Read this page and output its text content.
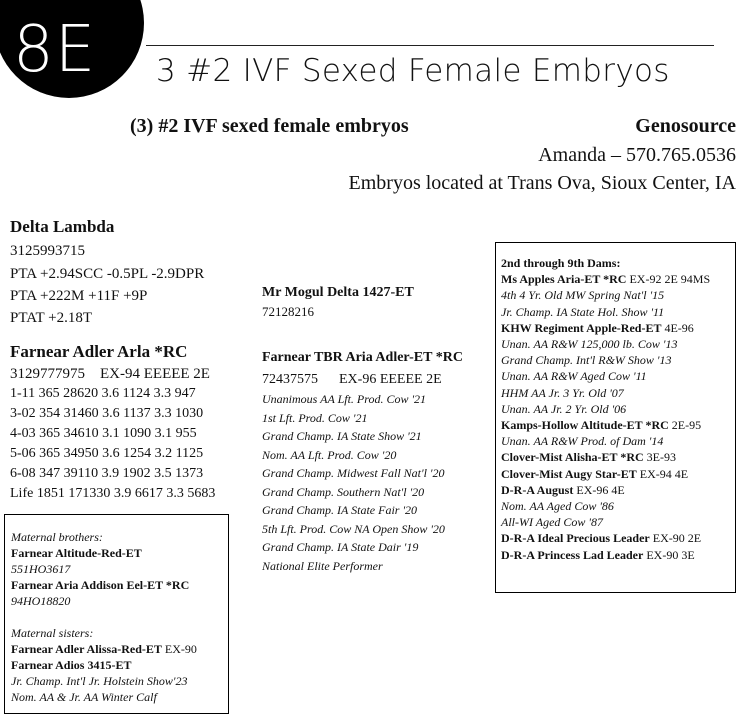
8E 3 #2 IVF Sexed Female Embryos
(3) #2 IVF sexed female embryos	Genosource
Amanda – 570.765.0536
Embryos located at Trans Ova, Sioux Center, IA
Delta Lambda
3125993715
PTA +2.94SCC -0.5PL -2.9DPR
PTA +222M +11F +9P
PTAT +2.18T
Farnear Adler Arla *RC
3129777975    EX-94 EEEEE 2E
1-11 365 28620 3.6 1124 3.3 947
3-02 354 31460 3.6 1137 3.3 1030
4-03 365 34610 3.1 1090 3.1 955
5-06 365 34950 3.6 1254 3.2 1125
6-08 347 39110 3.9 1902 3.5 1373
Life 1851 171330 3.9 6617 3.3 5683
Maternal brothers:
Farnear Altitude-Red-ET
551HO3617
Farnear Aria Addison Eel-ET *RC
94HO18820
Maternal sisters:
Farnear Adler Alissa-Red-ET EX-90
Farnear Adios 3415-ET
Jr. Champ. Int'l Jr. Holstein Show'23
Nom. AA & Jr. AA Winter Calf
Mr Mogul Delta 1427-ET
72128216
Farnear TBR Aria Adler-ET *RC
72437575      EX-96 EEEEE 2E
Unanimous AA Lft. Prod. Cow '21
1st Lft. Prod. Cow '21
Grand Champ. IA State Show '21
Nom. AA Lft. Prod. Cow '20
Grand Champ. Midwest Fall Nat'l '20
Grand Champ. Southern Nat'l '20
Grand Champ. IA State Fair '20
5th Lft. Prod. Cow NA Open Show '20
Grand Champ. IA State Dair '19
National Elite Performer
2nd through 9th Dams:
Ms Apples Aria-ET *RC EX-92 2E 94MS
4th 4 Yr. Old MW Spring Nat'l '15
Jr. Champ. IA State Hol. Show '11
KHW Regiment Apple-Red-ET 4E-96
Unan. AA R&W 125,000 lb. Cow '13
Grand Champ. Int'l R&W Show '13
Unan. AA R&W Aged Cow '11
HHM AA Jr. 3 Yr. Old '07
Unan. AA Jr. 2 Yr. Old '06
Kamps-Hollow Altitude-ET *RC 2E-95
Unan. AA R&W Prod. of Dam '14
Clover-Mist Alisha-ET *RC 3E-93
Clover-Mist Augy Star-ET EX-94 4E
D-R-A August EX-96 4E
Nom. AA Aged Cow '86
All-WI Aged Cow '87
D-R-A Ideal Precious Leader EX-90 2E
D-R-A Princess Lad Leader EX-90 3E
